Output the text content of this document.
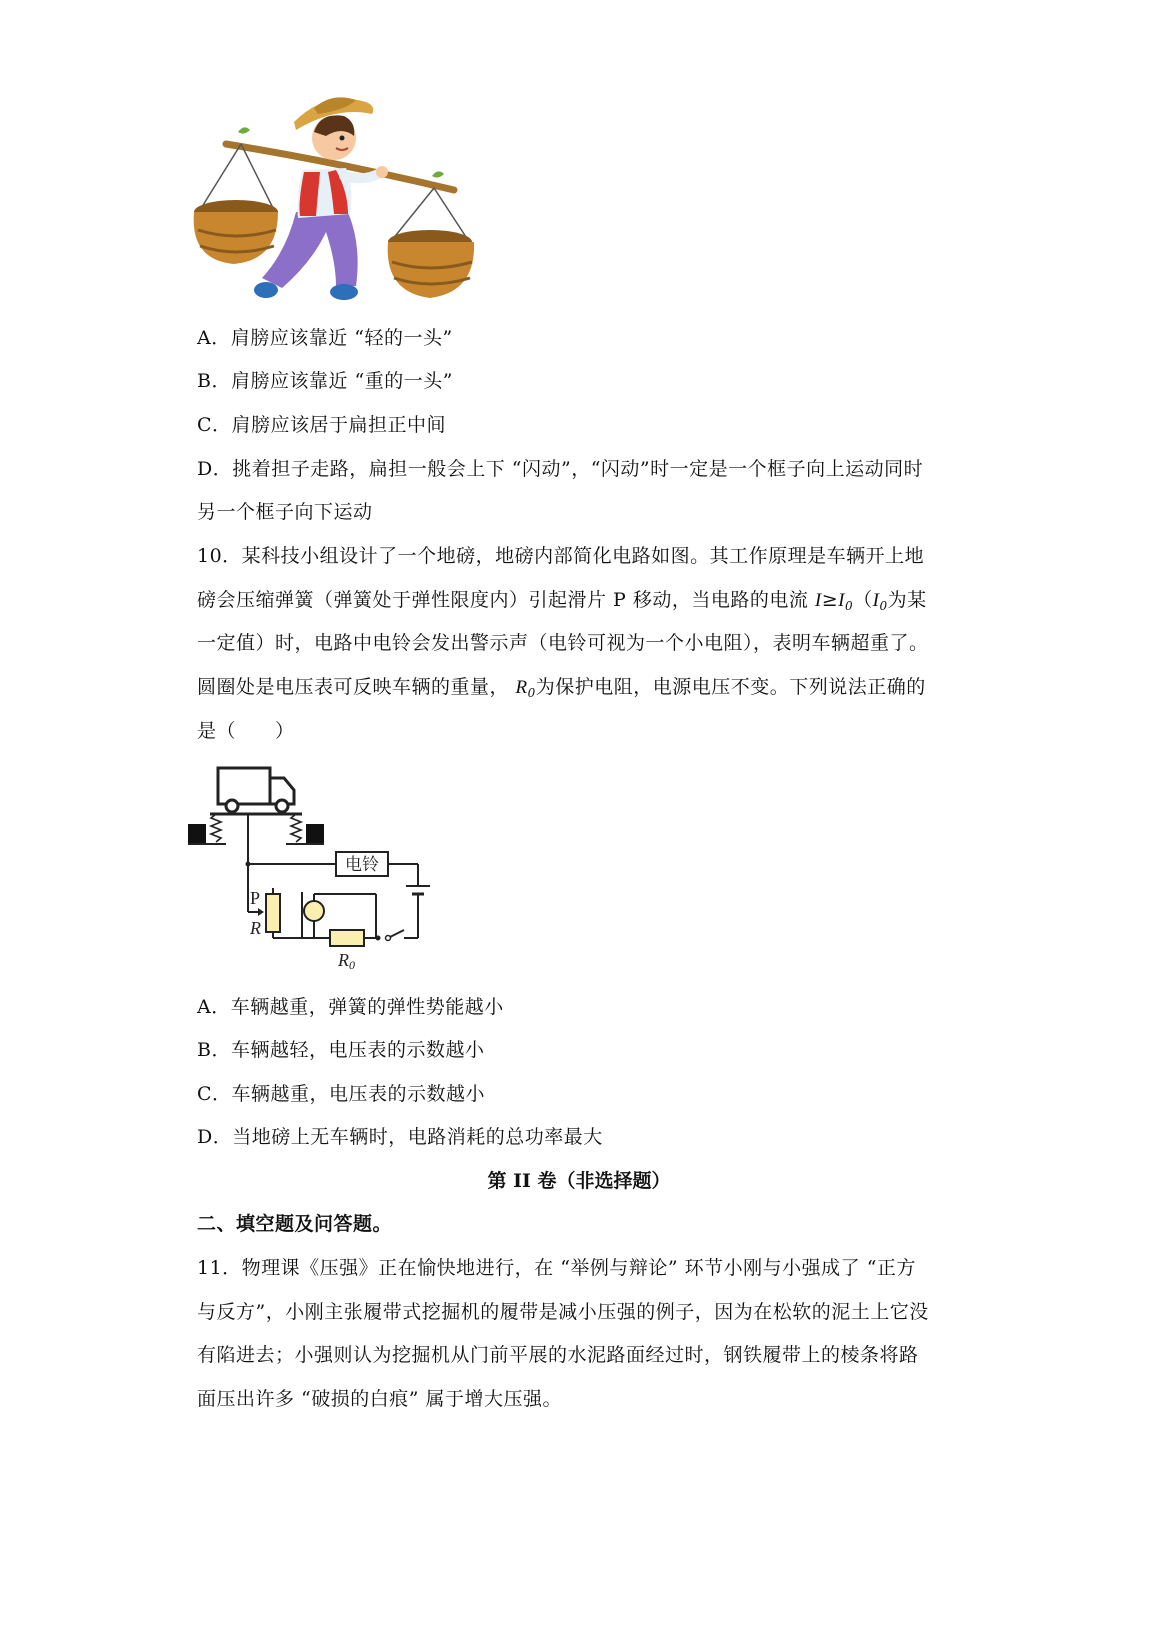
A．肩膀应该靠近 “轻的一头”
B．肩膀应该靠近 “重的一头”
C．肩膀应该居于扁担正中间
D．挑着担子走路，扁担一般会上下 “闪动”，“闪动”时一定是一个框子向上运动同时
另一个框子向下运动
10．某科技小组设计了一个地磅，地磅内部简化电路如图。其工作原理是车辆开上地
磅会压缩弹簧（弹簧处于弹性限度内）引起滑片 P 移动，当电路的电流 $I\ge I_0(I_0$为某
一定值）时，电路中电铃会发出警示声（电铃可视为一个小电阻），表明车辆超重了。
圆圈处是电压表可反映车辆的重量， $R_0$为保护电阻，电源电压不变。下列说法正确的
是（　　）
电铃
P
R
R0
A．车辆越重，弹簧的弹性势能越小
B．车辆越轻，电压表的示数越小
C．车辆越重，电压表的示数越小
D．当地磅上无车辆时，电路消耗的总功率最大
第 II 卷（非选择题）
二、填空题及问答题。
11．物理课《压强》正在愉快地进行，在 “举例与辩论” 环节小刚与小强成了 “正方
与反方”，小刚主张履带式挖掘机的履带是减小压强的例子，因为在松软的泥土上它没
有陷进去；小强则认为挖掘机从门前平展的水泥路面经过时，钢铁履带上的棱条将路
面压出许多 “破损的白痕” 属于增大压强。
